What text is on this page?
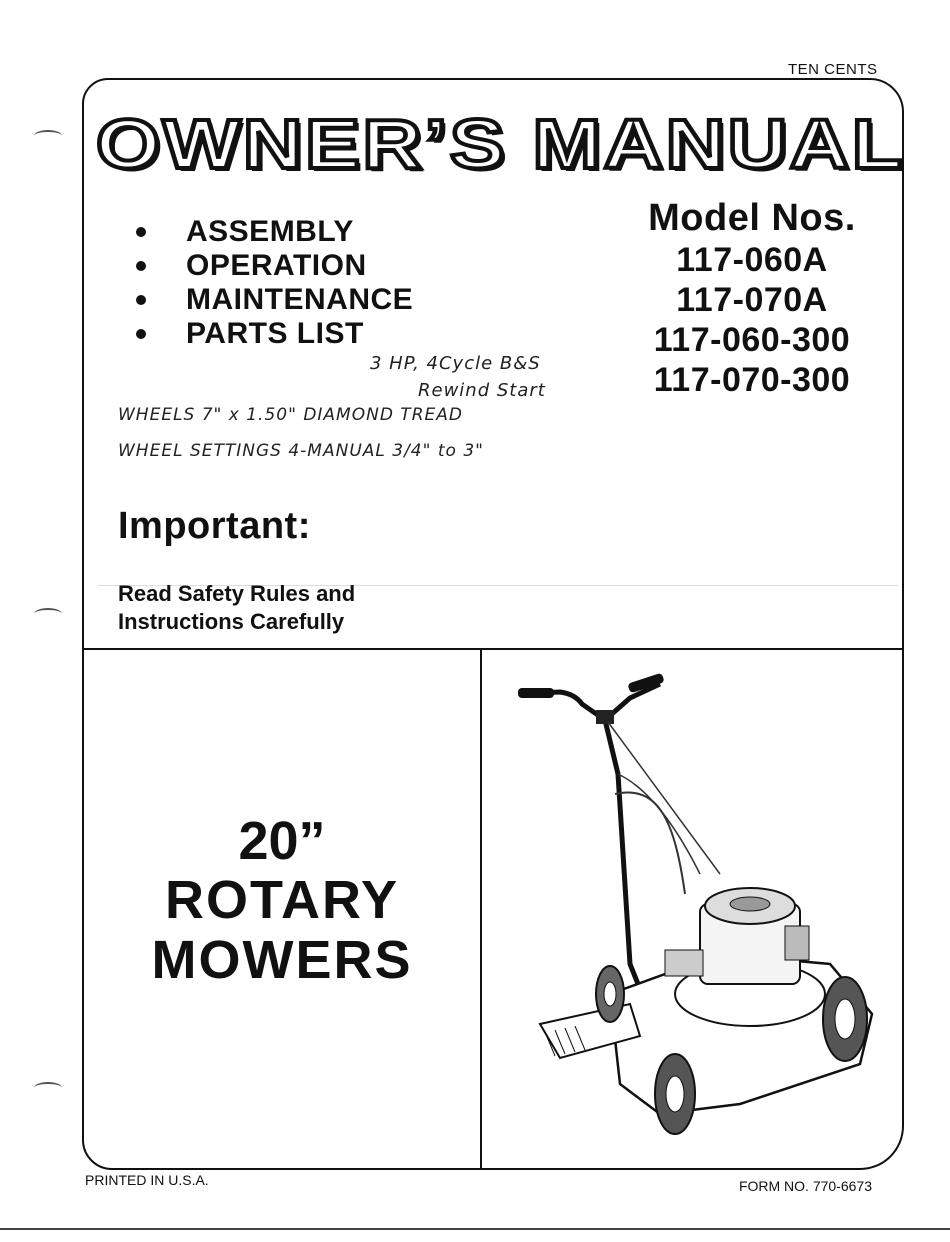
TEN CENTS
OWNER’S MANUAL
ASSEMBLY
OPERATION
MAINTENANCE
PARTS LIST
Model Nos.
117-060A
117-070A
117-060-300
117-070-300
3 HP, 4Cycle B&S
Rewind Start
WHEELS 7" x 1.50" DIAMOND TREAD
WHEEL SETTINGS 4-MANUAL 3/4" to 3"
Important:
Read Safety Rules and
Instructions Carefully
20”
ROTARY
MOWERS
PRINTED IN U.S.A.	FORM NO. 770-6673
